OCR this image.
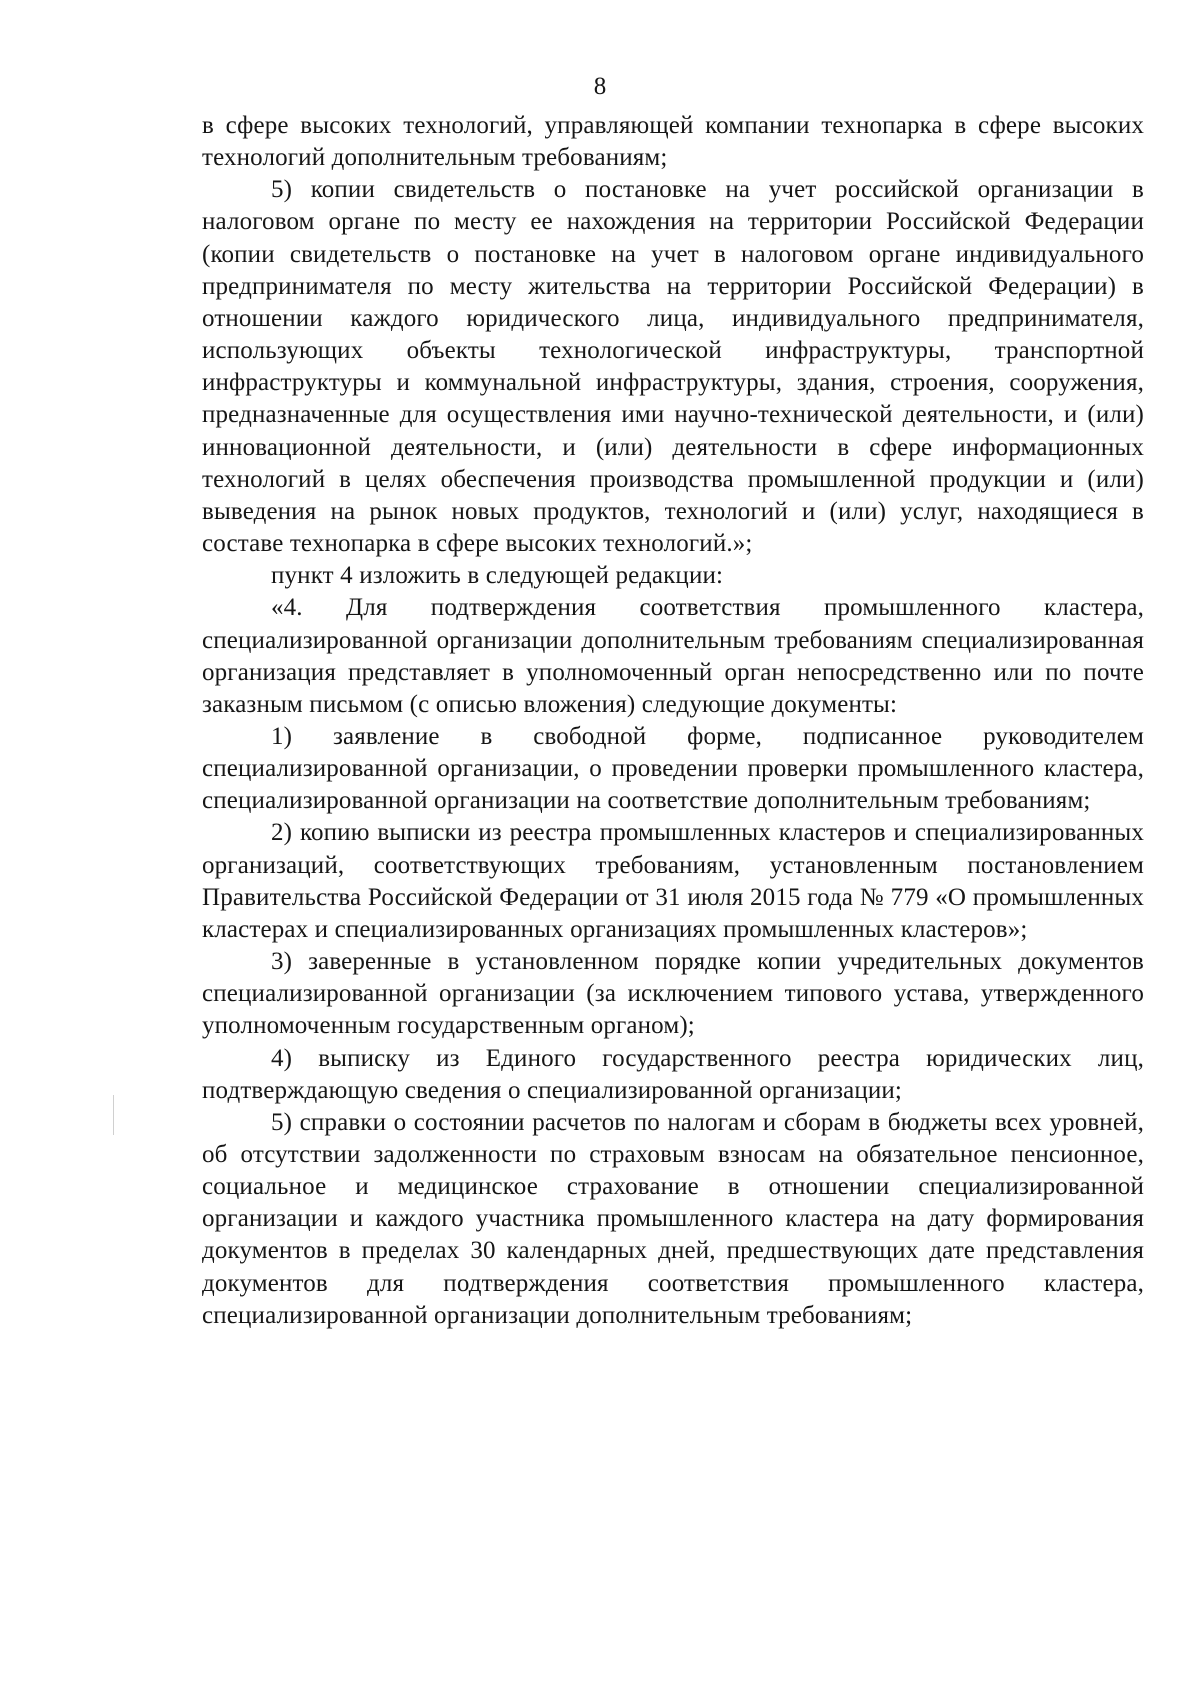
8

в сфере высоких технологий, управляющей компании технопарка в сфере высоких технологий дополнительным требованиям;

5) копии свидетельств о постановке на учет российской организации в налоговом органе по месту ее нахождения на территории Российской Федерации (копии свидетельств о постановке на учет в налоговом органе индивидуального предпринимателя по месту жительства на территории Российской Федерации) в отношении каждого юридического лица, индивидуального предпринимателя, использующих объекты технологической инфраструктуры, транспортной инфраструктуры и коммунальной инфраструктуры, здания, строения, сооружения, предназначенные для осуществления ими научно-технической деятельности, и (или) инновационной деятельности, и (или) деятельности в сфере информационных технологий в целях обеспечения производства промышленной продукции и (или) выведения на рынок новых продуктов, технологий и (или) услуг, находящиеся в составе технопарка в сфере высоких технологий.»;

пункт 4 изложить в следующей редакции:

«4. Для подтверждения соответствия промышленного кластера, специализированной организации дополнительным требованиям специализированная организация представляет в уполномоченный орган непосредственно или по почте заказным письмом (с описью вложения) следующие документы:

1) заявление в свободной форме, подписанное руководителем специализированной организации, о проведении проверки промышленного кластера, специализированной организации на соответствие дополнительным требованиям;

2) копию выписки из реестра промышленных кластеров и специализированных организаций, соответствующих требованиям, установленным постановлением Правительства Российской Федерации от 31 июля 2015 года № 779 «О промышленных кластерах и специализированных организациях промышленных кластеров»;

3) заверенные в установленном порядке копии учредительных документов специализированной организации (за исключением типового устава, утвержденного уполномоченным государственным органом);

4) выписку из Единого государственного реестра юридических лиц, подтверждающую сведения о специализированной организации;

5) справки о состоянии расчетов по налогам и сборам в бюджеты всех уровней, об отсутствии задолженности по страховым взносам на обязательное пенсионное, социальное и медицинское страхование в отношении специализированной организации и каждого участника промышленного кластера на дату формирования документов в пределах 30 календарных дней, предшествующих дате представления документов для подтверждения соответствия промышленного кластера, специализированной организации дополнительным требованиям;
